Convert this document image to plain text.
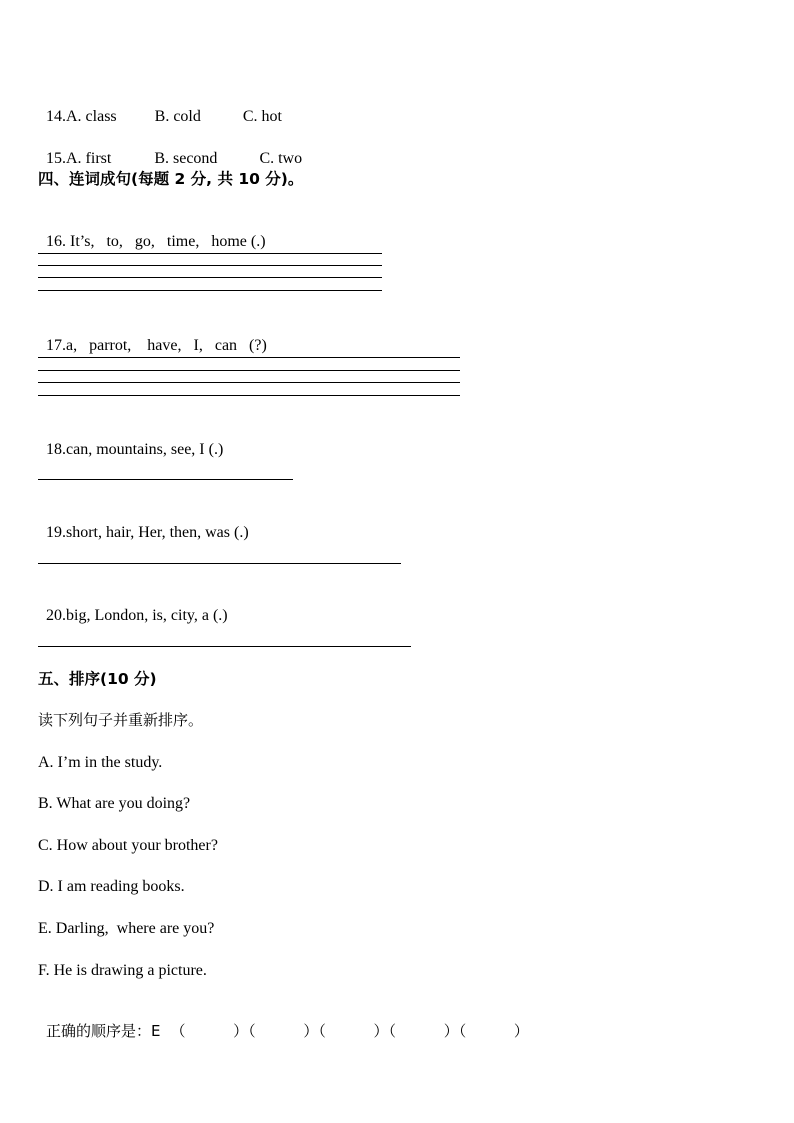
14.A. class B. cold	C. hot

15.A. first	B. second	C. two

四、连词成句(每题 2 分, 共 10 分)。

16. It’s,   to,   go,   time,   home (.)

17.a,   parrot,    have,   I,   can   (?)

18.can, mountains, see, I (.)

19.short, hair, Her, then, was (.)

20.big, London, is, city, a (.)

五、排序(10 分)
读下列句子并重新排序。
A. I’m in the study.
B. What are you doing?
C. How about your brother?
D. I am reading books.
E. Darling,  where are you?
F. He is drawing a picture.

正确的顺序是：E （          ）（          ）（          ）（          ）（          ）
